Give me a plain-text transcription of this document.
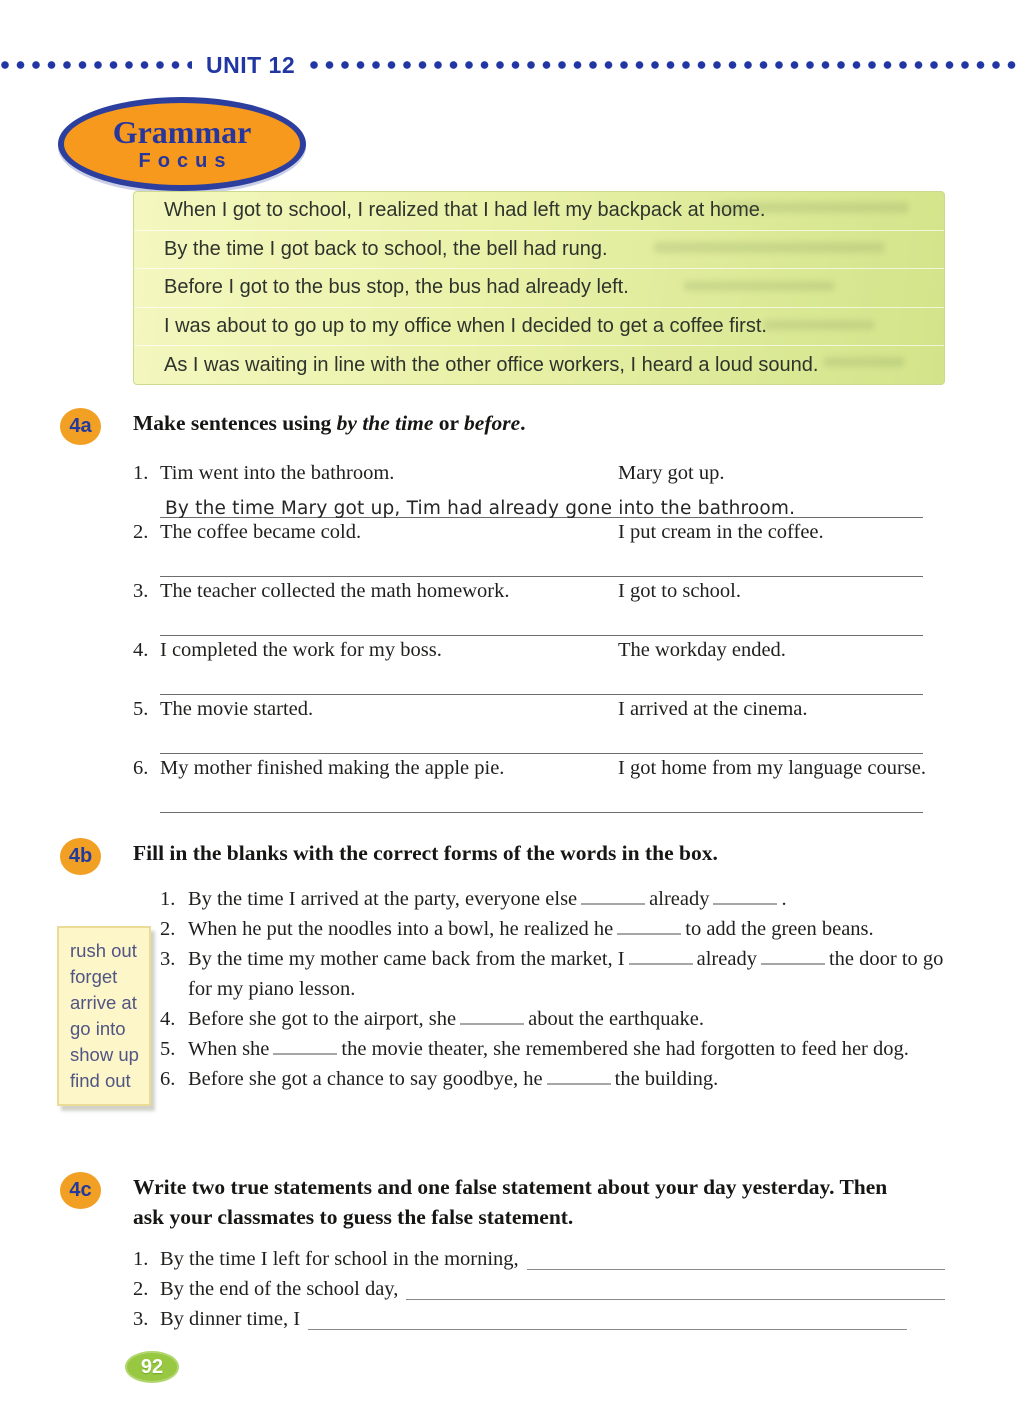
UNIT 12
Grammar
Focus
When I got to school, I realized that I had left my backpack at home.
By the time I got back to school, the bell had rung.
Before I got to the bus stop, the bus had already left.
I was about to go up to my office when I decided to get a coffee first.
As I was waiting in line with the other office workers, I heard a loud sound.
4a	Make sentences using by the time or before.
1. Tim went into the bathroom.	Mary got up.
By the time Mary got up, Tim had already gone into the bathroom.
2. The coffee became cold.	I put cream in the coffee.
3. The teacher collected the math homework.	I got to school.
4. I completed the work for my boss.	The workday ended.
5. The movie started.	I arrived at the cinema.
6. My mother finished making the apple pie.	I got home from my language course.
4b	Fill in the blanks with the correct forms of the words in the box.
1. By the time I arrived at the party, everyone else	already	.
2. When he put the noodles into a bowl, he realized he	to add the green beans.
3. By the time my mother came back from the market, I	already	the door to go for my piano lesson.
4. Before she got to the airport, she	about the earthquake.
5. When she	the movie theater, she remembered she had forgotten to feed her dog.
6. Before she got a chance to say goodbye, he	the building.
rush out
forget
arrive at
go into
show up
find out
4c	Write two true statements and one false statement about your day yesterday. Then ask your classmates to guess the false statement.
1. By the time I left for school in the morning,
2. By the end of the school day,
3. By dinner time, I
92
